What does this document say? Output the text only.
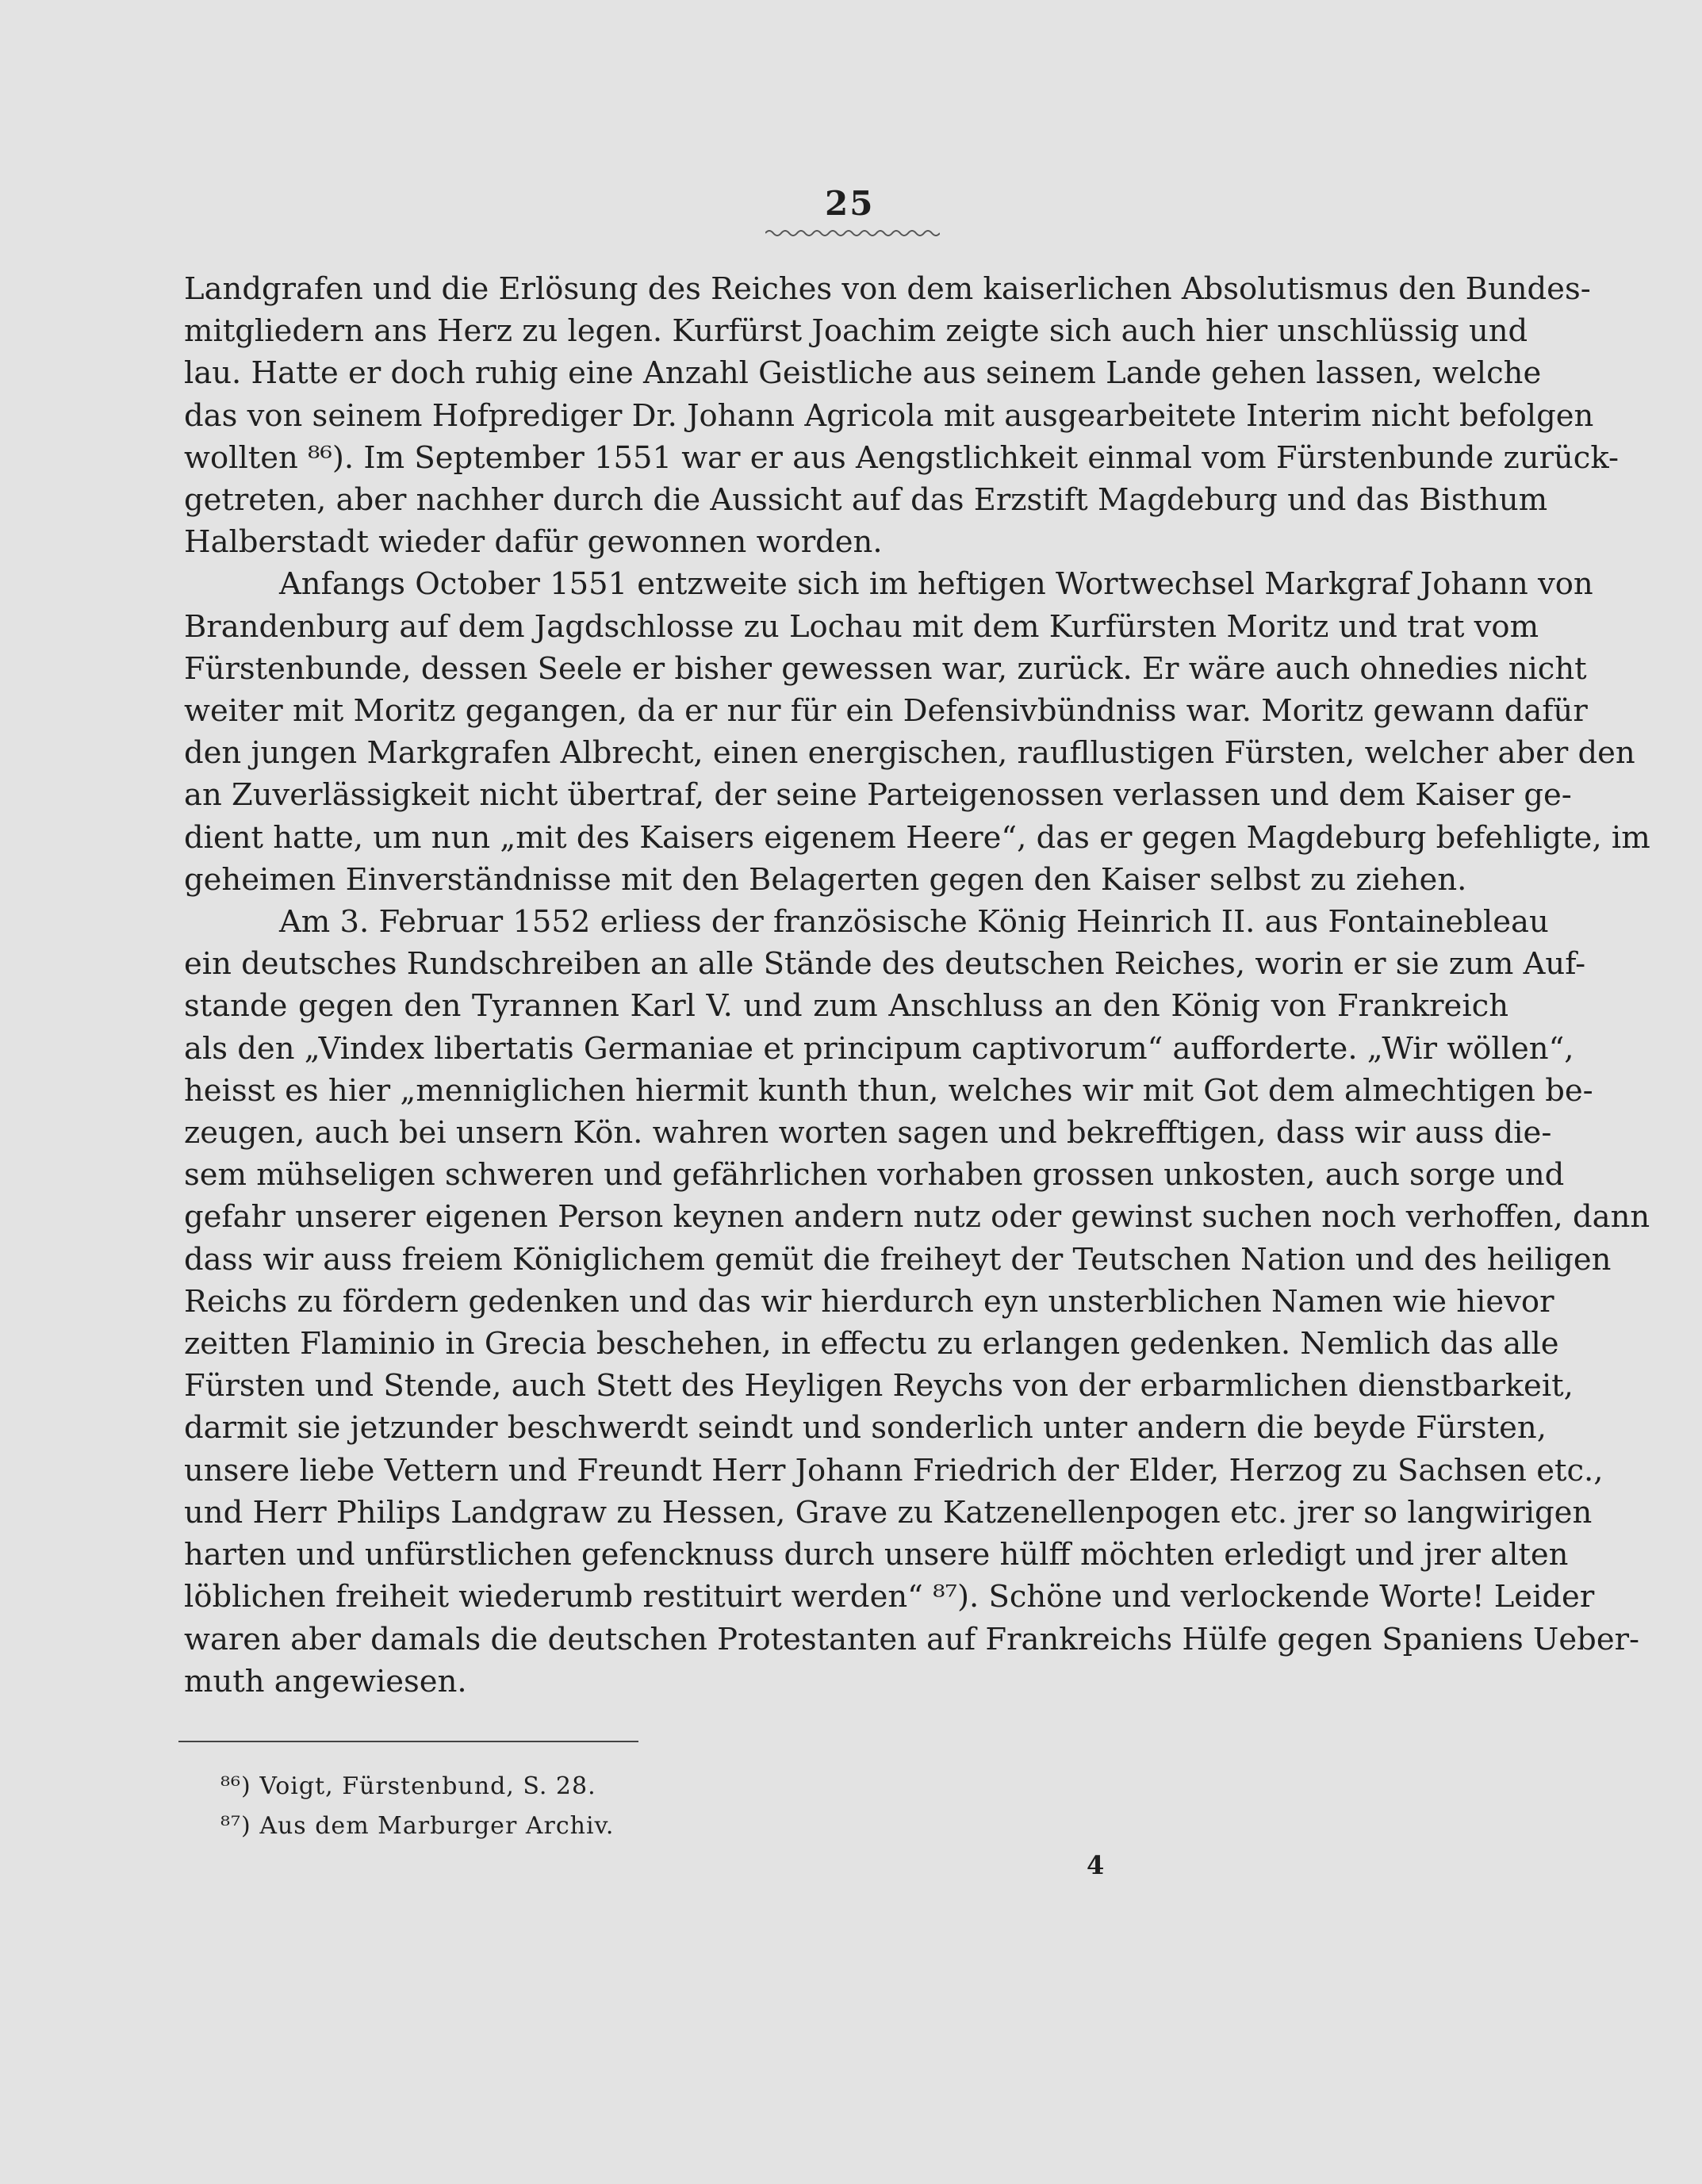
25
Landgrafen und die Erlösung des Reiches von dem kaiserlichen Absolutismus den Bundes-
mitgliedern ans Herz zu legen. Kurfürst Joachim zeigte sich auch hier unschlüssig und
lau. Hatte er doch ruhig eine Anzahl Geistliche aus seinem Lande gehen lassen, welche
das von seinem Hofprediger Dr. Johann Agricola mit ausgearbeitete Interim nicht befolgen
wollten ⁸⁶). Im September 1551 war er aus Aengstlichkeit einmal vom Fürstenbunde zurück-
getreten, aber nachher durch die Aussicht auf das Erzstift Magdeburg und das Bisthum
Halberstadt wieder dafür gewonnen worden.
Anfangs October 1551 entzweite sich im heftigen Wortwechsel Markgraf Johann von
Brandenburg auf dem Jagdschlosse zu Lochau mit dem Kurfürsten Moritz und trat vom
Fürstenbunde, dessen Seele er bisher gewessen war, zurück. Er wäre auch ohnedies nicht
weiter mit Moritz gegangen, da er nur für ein Defensivbündniss war. Moritz gewann dafür
den jungen Markgrafen Albrecht, einen energischen, raufllustigen Fürsten, welcher aber den
an Zuverlässigkeit nicht übertraf, der seine Parteigenossen verlassen und dem Kaiser ge-
dient hatte, um nun „mit des Kaisers eigenem Heere“, das er gegen Magdeburg befehligte, im
geheimen Einverständnisse mit den Belagerten gegen den Kaiser selbst zu ziehen.
Am 3. Februar 1552 erliess der französische König Heinrich II. aus Fontainebleau
ein deutsches Rundschreiben an alle Stände des deutschen Reiches, worin er sie zum Auf-
stande gegen den Tyrannen Karl V. und zum Anschluss an den König von Frankreich
als den „Vindex libertatis Germaniae et principum captivorum“ aufforderte. „Wir wöllen“,
heisst es hier „menniglichen hiermit kunth thun, welches wir mit Got dem almechtigen be-
zeugen, auch bei unsern Kön. wahren worten sagen und bekrefftigen, dass wir auss die-
sem mühseligen schweren und gefährlichen vorhaben grossen unkosten, auch sorge und
gefahr unserer eigenen Person keynen andern nutz oder gewinst suchen noch verhoffen, dann
dass wir auss freiem Königlichem gemüt die freiheyt der Teutschen Nation und des heiligen
Reichs zu fördern gedenken und das wir hierdurch eyn unsterblichen Namen wie hievor
zeitten Flaminio in Grecia beschehen, in effectu zu erlangen gedenken. Nemlich das alle
Fürsten und Stende, auch Stett des Heyligen Reychs von der erbarmlichen dienstbarkeit,
darmit sie jetzunder beschwerdt seindt und sonderlich unter andern die beyde Fürsten,
unsere liebe Vettern und Freundt Herr Johann Friedrich der Elder, Herzog zu Sachsen etc.,
und Herr Philips Landgraw zu Hessen, Grave zu Katzenellenpogen etc. jrer so langwirigen
harten und unfürstlichen gefencknuss durch unsere hülff möchten erledigt und jrer alten
löblichen freiheit wiederumb restituirt werden“ ⁸⁷). Schöne und verlockende Worte! Leider
waren aber damals die deutschen Protestanten auf Frankreichs Hülfe gegen Spaniens Ueber-
muth angewiesen.
⁸⁶) Voigt, Fürstenbund, S. 28.
⁸⁷) Aus dem Marburger Archiv.
4
